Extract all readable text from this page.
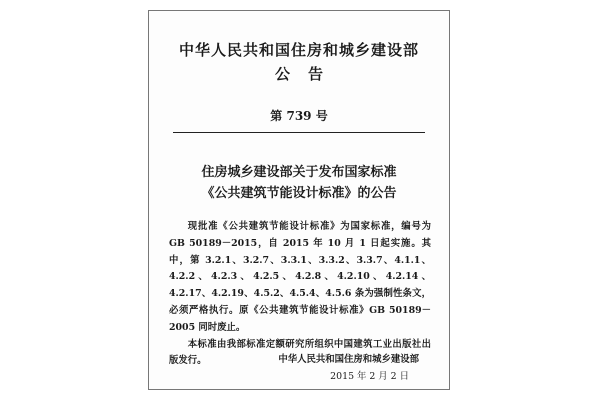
中华人民共和国住房和城乡建设部
公告
第 739 号
住房城乡建设部关于发布国家标准
《公共建筑节能设计标准》的公告

现批准《公共建筑节能设计标准》为国家标准，编号为 GB 50189－2015，自 2015 年 10 月 1 日起实施。其中，第 3.2.1、3.2.7、3.3.1、3.3.2、3.3.7、4.1.1、4.2.2、4.2.3、4.2.5、4.2.8、4.2.10、4.2.14、4.2.17、4.2.19、4.5.2、4.5.4、4.5.6 条为强制性条文，必须严格执行。原《公共建筑节能设计标准》GB 50189－2005 同时废止。

本标准由我部标准定额研究所组织中国建筑工业出版社出版发行。	中华人民共和国住房和城乡建设部
2015 年 2 月 2 日
